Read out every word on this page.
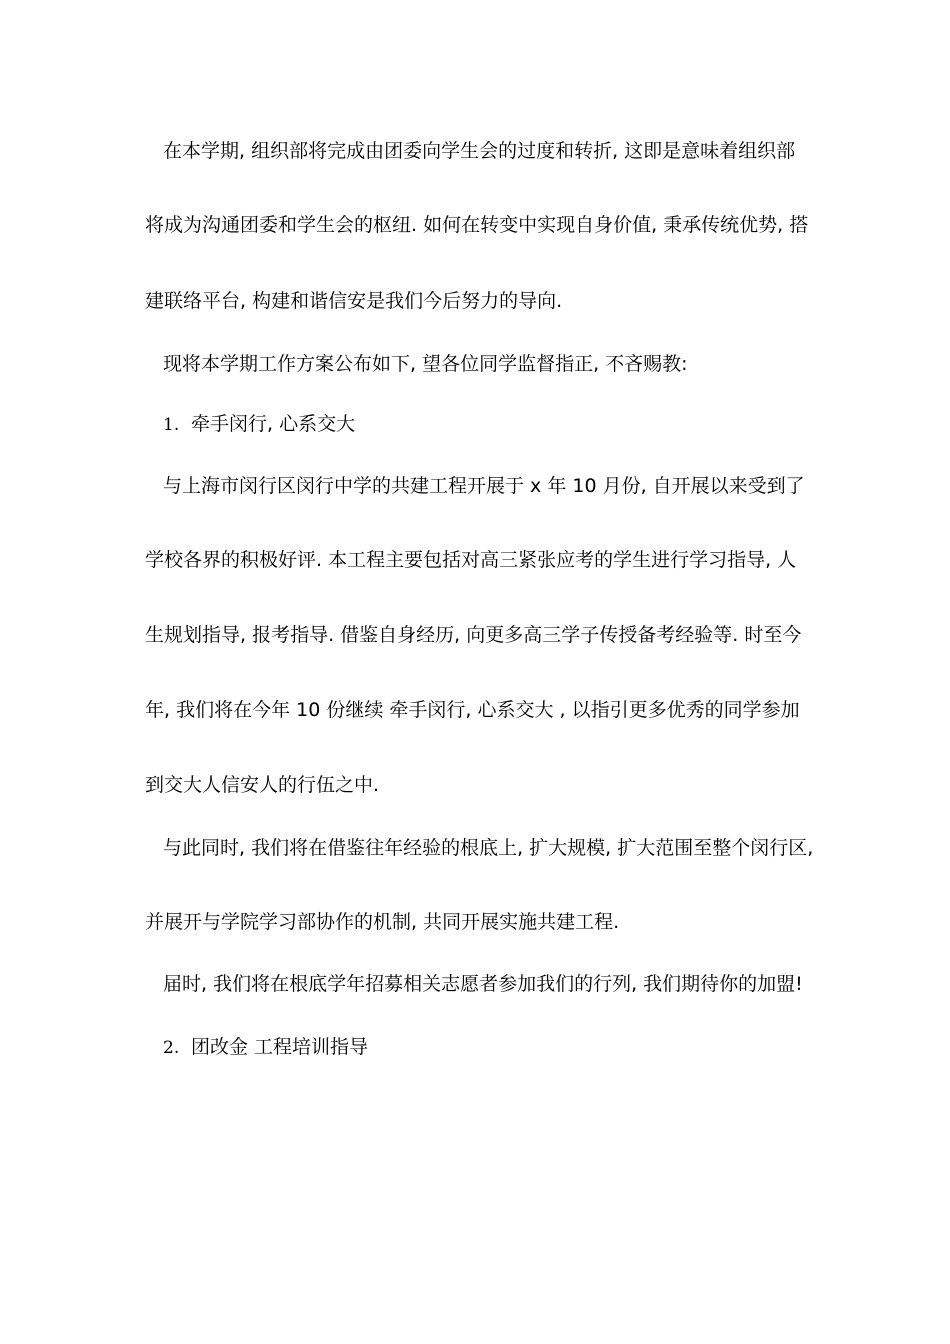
在本学期, 组织部将完成由团委向学生会的过度和转折, 这即是意味着组织部
将成为沟通团委和学生会的枢纽. 如何在转变中实现自身价值, 秉承传统优势, 搭
建联络平台, 构建和谐信安是我们今后努力的导向.
现将本学期工作方案公布如下, 望各位同学监督指正, 不吝赐教:
1. 牵手闵行, 心系交大
与上海市闵行区闵行中学的共建工程开展于 x 年 10 月份, 自开展以来受到了
学校各界的积极好评. 本工程主要包括对高三紧张应考的学生进行学习指导, 人
生规划指导, 报考指导. 借鉴自身经历, 向更多高三学子传授备考经验等. 时至今
年, 我们将在今年 10 份继续 牵手闵行, 心系交大 , 以指引更多优秀的同学参加
到交大人信安人的行伍之中.
与此同时, 我们将在借鉴往年经验的根底上, 扩大规模, 扩大范围至整个闵行区,
并展开与学院学习部协作的机制, 共同开展实施共建工程.
届时, 我们将在根底学年招募相关志愿者参加我们的行列, 我们期待你的加盟!
2. 团改金 工程培训指导
